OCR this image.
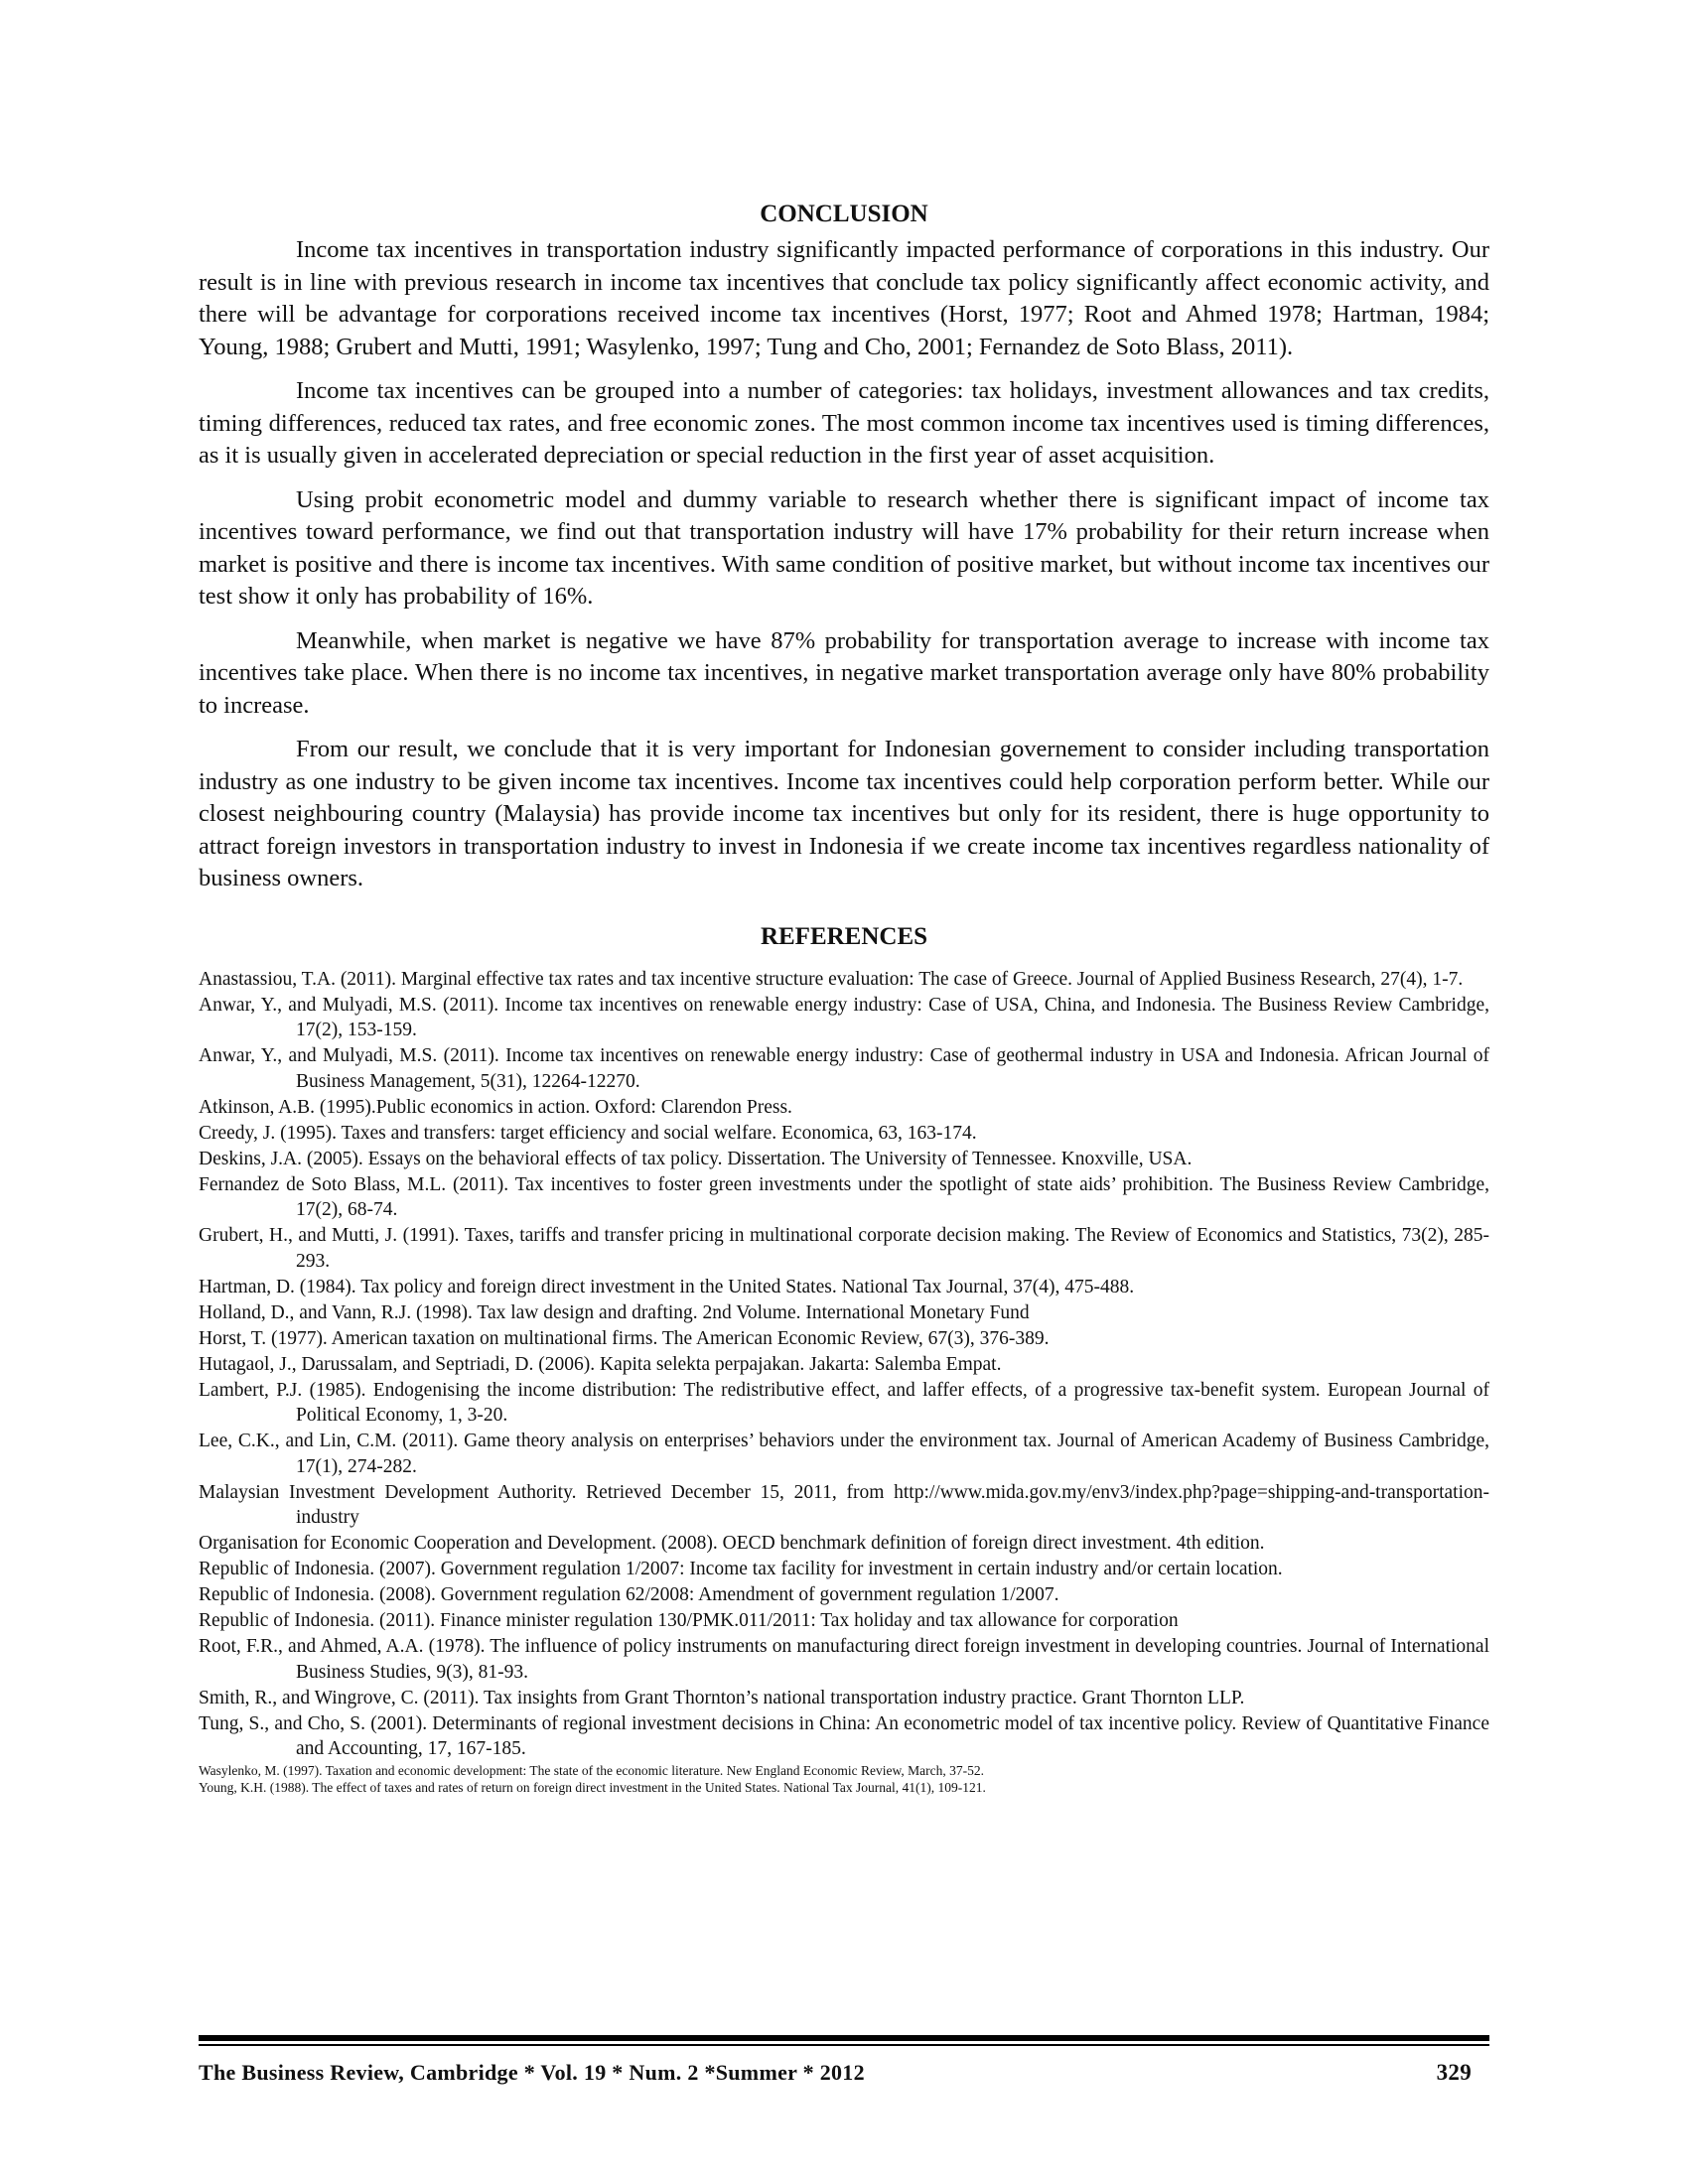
CONCLUSION

Income tax incentives in transportation industry significantly impacted performance of corporations in this industry. Our result is in line with previous research in income tax incentives that conclude tax policy significantly affect economic activity, and there will be advantage for corporations received income tax incentives (Horst, 1977; Root and Ahmed 1978; Hartman, 1984; Young, 1988; Grubert and Mutti, 1991; Wasylenko, 1997; Tung and Cho, 2001; Fernandez de Soto Blass, 2011).

Income tax incentives can be grouped into a number of categories: tax holidays, investment allowances and tax credits, timing differences, reduced tax rates, and free economic zones. The most common income tax incentives used is timing differences, as it is usually given in accelerated depreciation or special reduction in the first year of asset acquisition.

Using probit econometric model and dummy variable to research whether there is significant impact of income tax incentives toward performance, we find out that transportation industry will have 17% probability for their return increase when market is positive and there is income tax incentives. With same condition of positive market, but without income tax incentives our test show it only has probability of 16%.

Meanwhile, when market is negative we have 87% probability for transportation average to increase with income tax incentives take place. When there is no income tax incentives, in negative market transportation average only have 80% probability to increase.

From our result, we conclude that it is very important for Indonesian governement to consider including transportation industry as one industry to be given income tax incentives. Income tax incentives could help corporation perform better. While our closest neighbouring country (Malaysia) has provide income tax incentives but only for its resident, there is huge opportunity to attract foreign investors in transportation industry to invest in Indonesia if we create income tax incentives regardless nationality of business owners.

REFERENCES
Anastassiou, T.A. (2011). Marginal effective tax rates and tax incentive structure evaluation: The case of Greece. Journal of Applied Business Research, 27(4), 1-7.
Anwar, Y., and Mulyadi, M.S. (2011). Income tax incentives on renewable energy industry: Case of USA, China, and Indonesia. The Business Review Cambridge, 17(2), 153-159.
Anwar, Y., and Mulyadi, M.S. (2011). Income tax incentives on renewable energy industry: Case of geothermal industry in USA and Indonesia. African Journal of Business Management, 5(31), 12264-12270.
Atkinson, A.B. (1995).Public economics in action. Oxford: Clarendon Press.
Creedy, J. (1995). Taxes and transfers: target efficiency and social welfare. Economica, 63, 163-174.
Deskins, J.A. (2005). Essays on the behavioral effects of tax policy. Dissertation. The University of Tennessee. Knoxville, USA.
Fernandez de Soto Blass, M.L. (2011). Tax incentives to foster green investments under the spotlight of state aids’ prohibition. The Business Review Cambridge, 17(2), 68-74.
Grubert, H., and Mutti, J. (1991). Taxes, tariffs and transfer pricing in multinational corporate decision making. The Review of Economics and Statistics, 73(2), 285-293.
Hartman, D. (1984). Tax policy and foreign direct investment in the United States. National Tax Journal, 37(4), 475-488.
Holland, D., and Vann, R.J. (1998). Tax law design and drafting. 2nd Volume. International Monetary Fund
Horst, T. (1977). American taxation on multinational firms. The American Economic Review, 67(3), 376-389.
Hutagaol, J., Darussalam, and Septriadi, D. (2006). Kapita selekta perpajakan. Jakarta: Salemba Empat.
Lambert, P.J. (1985). Endogenising the income distribution: The redistributive effect, and laffer effects, of a progressive tax-benefit system. European Journal of Political Economy, 1, 3-20.
Lee, C.K., and Lin, C.M. (2011). Game theory analysis on enterprises’ behaviors under the environment tax. Journal of American Academy of Business Cambridge, 17(1), 274-282.
Malaysian Investment Development Authority. Retrieved December 15, 2011, from http://www.mida.gov.my/env3/index.php?page=shipping-and-transportation-industry
Organisation for Economic Cooperation and Development. (2008). OECD benchmark definition of foreign direct investment. 4th edition.
Republic of Indonesia. (2007). Government regulation 1/2007: Income tax facility for investment in certain industry and/or certain location.
Republic of Indonesia. (2008). Government regulation 62/2008: Amendment of government regulation 1/2007.
Republic of Indonesia. (2011). Finance minister regulation 130/PMK.011/2011: Tax holiday and tax allowance for corporation
Root, F.R., and Ahmed, A.A. (1978). The influence of policy instruments on manufacturing direct foreign investment in developing countries. Journal of International Business Studies, 9(3), 81-93.
Smith, R., and Wingrove, C. (2011). Tax insights from Grant Thornton’s national transportation industry practice. Grant Thornton LLP.
Tung, S., and Cho, S. (2001). Determinants of regional investment decisions in China: An econometric model of tax incentive policy. Review of Quantitative Finance and Accounting, 17, 167-185.
Wasylenko, M. (1997). Taxation and economic development: The state of the economic literature. New England Economic Review, March, 37-52.
Young, K.H. (1988). The effect of taxes and rates of return on foreign direct investment in the United States. National Tax Journal, 41(1), 109-121.
The Business Review, Cambridge * Vol. 19 * Num. 2 *Summer * 2012	329
